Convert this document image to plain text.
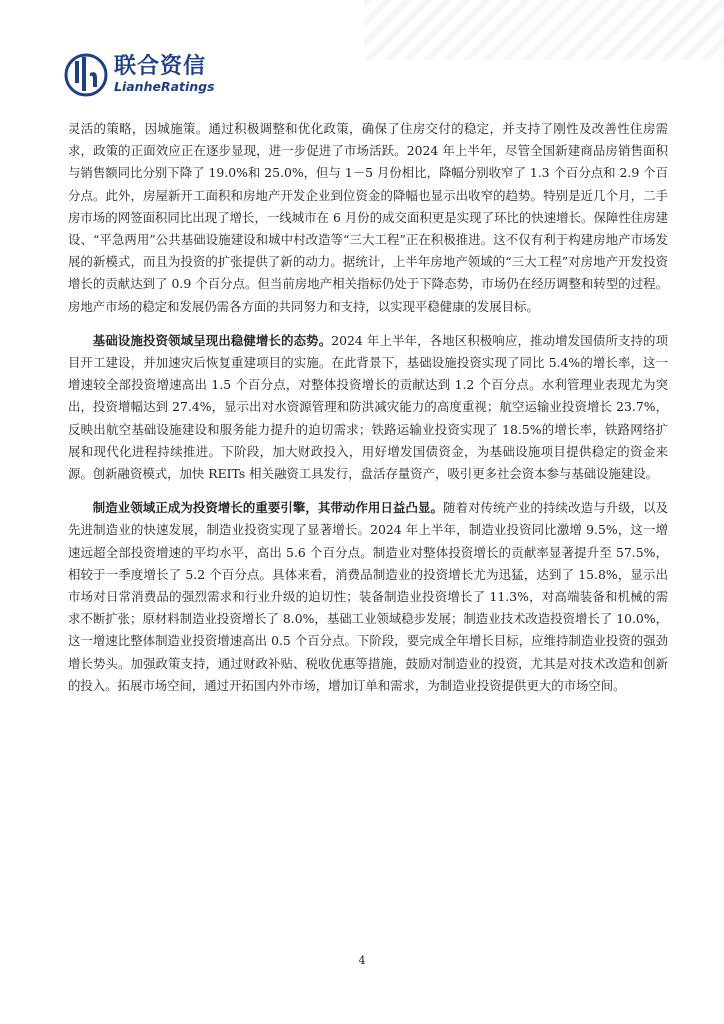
联合资信
LianheRatings

灵活的策略，因城施策。通过积极调整和优化政策，确保了住房交付的稳定，并支持了刚性及改善性住房需求，政策的正面效应正在逐步显现，进一步促进了市场活跃。2024 年上半年，尽管全国新建商品房销售面积与销售额同比分别下降了 19.0%和 25.0%，但与 1－5 月份相比，降幅分别收窄了 1.3 个百分点和 2.9 个百分点。此外，房屋新开工面积和房地产开发企业到位资金的降幅也显示出收窄的趋势。特别是近几个月，二手房市场的网签面积同比出现了增长，一线城市在 6 月份的成交面积更是实现了环比的快速增长。保障性住房建设、“平急两用”公共基础设施建设和城中村改造等“三大工程”正在积极推进。这不仅有利于构建房地产市场发展的新模式，而且为投资的扩张提供了新的动力。据统计，上半年房地产领域的“三大工程”对房地产开发投资增长的贡献达到了 0.9 个百分点。但当前房地产相关指标仍处于下降态势，市场仍在经历调整和转型的过程。房地产市场的稳定和发展仍需各方面的共同努力和支持，以实现平稳健康的发展目标。

基础设施投资领域呈现出稳健增长的态势。2024 年上半年，各地区积极响应，推动增发国债所支持的项目开工建设，并加速灾后恢复重建项目的实施。在此背景下，基础设施投资实现了同比 5.4%的增长率，这一增速较全部投资增速高出 1.5 个百分点，对整体投资增长的贡献达到 1.2 个百分点。水利管理业表现尤为突出，投资增幅达到 27.4%，显示出对水资源管理和防洪减灾能力的高度重视；航空运输业投资增长 23.7%，反映出航空基础设施建设和服务能力提升的迫切需求；铁路运输业投资实现了 18.5%的增长率，铁路网络扩展和现代化进程持续推进。下阶段，加大财政投入，用好增发国债资金，为基础设施项目提供稳定的资金来源。创新融资模式，加快 REITs 相关融资工具发行，盘活存量资产，吸引更多社会资本参与基础设施建设。

制造业领域正成为投资增长的重要引擎，其带动作用日益凸显。随着对传统产业的持续改造与升级，以及先进制造业的快速发展，制造业投资实现了显著增长。2024 年上半年，制造业投资同比激增 9.5%，这一增速远超全部投资增速的平均水平，高出 5.6 个百分点。制造业对整体投资增长的贡献率显著提升至 57.5%，相较于一季度增长了 5.2 个百分点。具体来看，消费品制造业的投资增长尤为迅猛，达到了 15.8%，显示出市场对日常消费品的强烈需求和行业升级的迫切性；装备制造业投资增长了 11.3%，对高端装备和机械的需求不断扩张；原材料制造业投资增长了 8.0%，基础工业领域稳步发展；制造业技术改造投资增长了 10.0%，这一增速比整体制造业投资增速高出 0.5 个百分点。下阶段，要完成全年增长目标，应维持制造业投资的强劲增长势头。加强政策支持，通过财政补贴、税收优惠等措施，鼓励对制造业的投资，尤其是对技术改造和创新的投入。拓展市场空间，通过开拓国内外市场，增加订单和需求，为制造业投资提供更大的市场空间。

4
